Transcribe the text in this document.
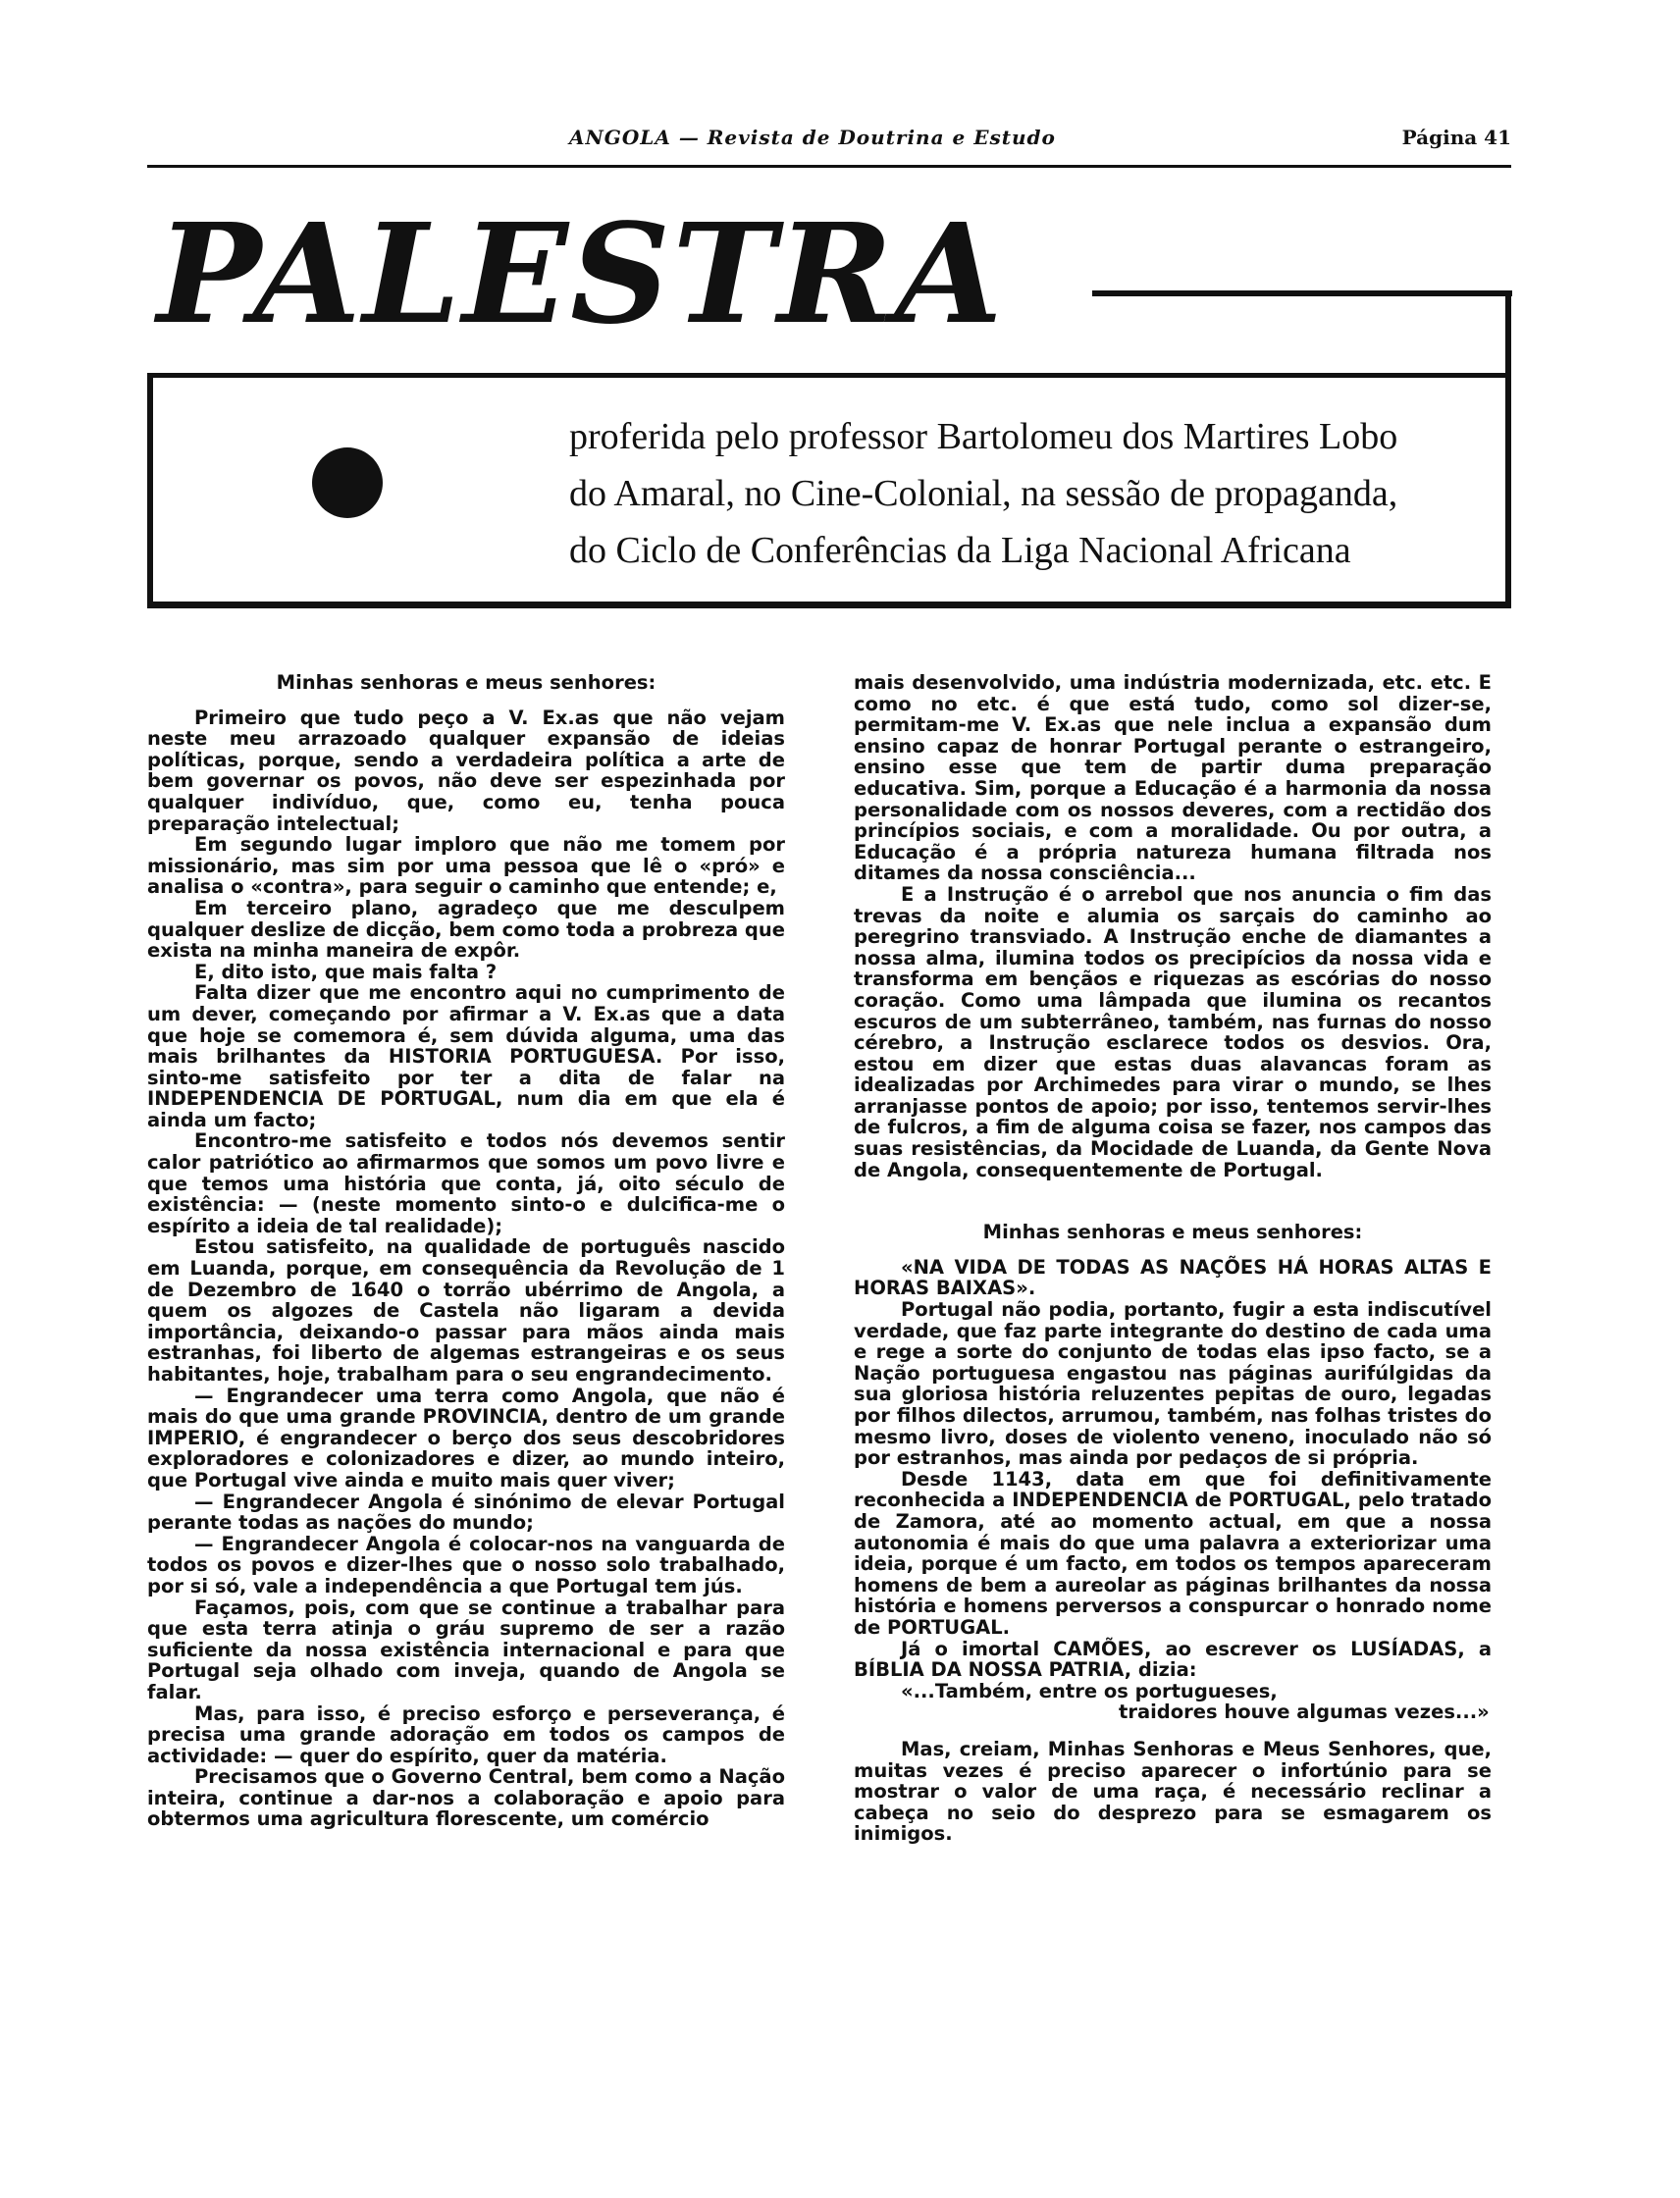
ANGOLA — Revista de Doutrina e Estudo	Página 41
PALESTRA
proferida pelo professor Bartolomeu dos Martires Lobo
do Amaral, no Cine-Colonial, na sessão de propaganda,
do Ciclo de Conferências da Liga Nacional Africana

Minhas senhoras e meus senhores:

Primeiro que tudo peço a V. Ex.as que não vejam neste meu arrazoado qualquer expansão de ideias políticas, porque, sendo a verdadeira política a arte de bem governar os povos, não deve ser espezinhada por qualquer indivíduo, que, como eu, tenha pouca preparação intelectual;

Em segundo lugar imploro que não me tomem por missionário, mas sim por uma pessoa que lê o «pró» e analisa o «contra», para seguir o caminho que entende; e,

Em terceiro plano, agradeço que me desculpem qualquer deslize de dicção, bem como toda a probreza que exista na minha maneira de expôr.

E, dito isto, que mais falta ?

Falta dizer que me encontro aqui no cumprimento de um dever, começando por afirmar a V. Ex.as que a data que hoje se comemora é, sem dúvida alguma, uma das mais brilhantes da HISTORIA PORTUGUESA. Por isso, sinto-me satisfeito por ter a dita de falar na INDEPENDENCIA DE PORTUGAL, num dia em que ela é ainda um facto;

Encontro-me satisfeito e todos nós devemos sentir calor patriótico ao afirmarmos que somos um povo livre e que temos uma história que conta, já, oito século de existência: — (neste momento sinto-o e dulcifica-me o espírito a ideia de tal realidade);

Estou satisfeito, na qualidade de português nascido em Luanda, porque, em consequência da Revolução de 1 de Dezembro de 1640 o torrão ubérrimo de Angola, a quem os algozes de Castela não ligaram a devida importância, deixando-o passar para mãos ainda mais estranhas, foi liberto de algemas estrangeiras e os seus habitantes, hoje, trabalham para o seu engrandecimento.

— Engrandecer uma terra como Angola, que não é mais do que uma grande PROVINCIA, dentro de um grande IMPERIO, é engrandecer o berço dos seus descobridores exploradores e colonizadores e dizer, ao mundo inteiro, que Portugal vive ainda e muito mais quer viver;

— Engrandecer Angola é sinónimo de elevar Portugal perante todas as nações do mundo;

— Engrandecer Angola é colocar-nos na vanguarda de todos os povos e dizer-lhes que o nosso solo trabalhado, por si só, vale a independência a que Portugal tem jús.

Façamos, pois, com que se continue a trabalhar para que esta terra atinja o gráu supremo de ser a razão suficiente da nossa existência internacional e para que Portugal seja olhado com inveja, quando de Angola se falar.

Mas, para isso, é preciso esforço e perseverança, é precisa uma grande adoração em todos os campos de actividade: — quer do espírito, quer da matéria.

Precisamos que o Governo Central, bem como a Nação inteira, continue a dar-nos a colaboração e apoio para obtermos uma agricultura florescente, um comércio

mais desenvolvido, uma indústria modernizada, etc. etc. E como no etc. é que está tudo, como sol dizer-se, permitam-me V. Ex.as que nele inclua a expansão dum ensino capaz de honrar Portugal perante o estrangeiro, ensino esse que tem de partir duma preparação educativa. Sim, porque a Educação é a harmonia da nossa personalidade com os nossos deveres, com a rectidão dos princípios sociais, e com a moralidade. Ou por outra, a Educação é a própria natureza humana filtrada nos ditames da nossa consciência...

E a Instrução é o arrebol que nos anuncia o fim das trevas da noite e alumia os sarçais do caminho ao peregrino transviado. A Instrução enche de diamantes a nossa alma, ilumina todos os precipícios da nossa vida e transforma em bençãos e riquezas as escórias do nosso coração. Como uma lâmpada que ilumina os recantos escuros de um subterrâneo, também, nas furnas do nosso cérebro, a Instrução esclarece todos os desvios. Ora, estou em dizer que estas duas alavancas foram as idealizadas por Archimedes para virar o mundo, se lhes arranjasse pontos de apoio; por isso, tentemos servir-lhes de fulcros, a fim de alguma coisa se fazer, nos campos das suas resistências, da Mocidade de Luanda, da Gente Nova de Angola, consequentemente de Portugal.

Minhas senhoras e meus senhores:

«NA VIDA DE TODAS AS NAÇÕES HÁ HORAS ALTAS E HORAS BAIXAS».

Portugal não podia, portanto, fugir a esta indiscutível verdade, que faz parte integrante do destino de cada uma e rege a sorte do conjunto de todas elas ipso facto, se a Nação portuguesa engastou nas páginas aurifúlgidas da sua gloriosa história reluzentes pepitas de ouro, legadas por filhos dilectos, arrumou, também, nas folhas tristes do mesmo livro, doses de violento veneno, inoculado não só por estranhos, mas ainda por pedaços de si própria.

Desde 1143, data em que foi definitivamente reconhecida a INDEPENDENCIA de PORTUGAL, pelo tratado de Zamora, até ao momento actual, em que a nossa autonomia é mais do que uma palavra a exteriorizar uma ideia, porque é um facto, em todos os tempos apareceram homens de bem a aureolar as páginas brilhantes da nossa história e homens perversos a conspurcar o honrado nome de PORTUGAL.

Já o imortal CAMÕES, ao escrever os LUSÍADAS, a BÍBLIA DA NOSSA PATRIA, dizia:

«...Também, entre os portugueses,

traidores houve algumas vezes...»

Mas, creiam, Minhas Senhoras e Meus Senhores, que, muitas vezes é preciso aparecer o infortúnio para se mostrar o valor de uma raça, é necessário reclinar a cabeça no seio do desprezo para se esmagarem os inimigos.
